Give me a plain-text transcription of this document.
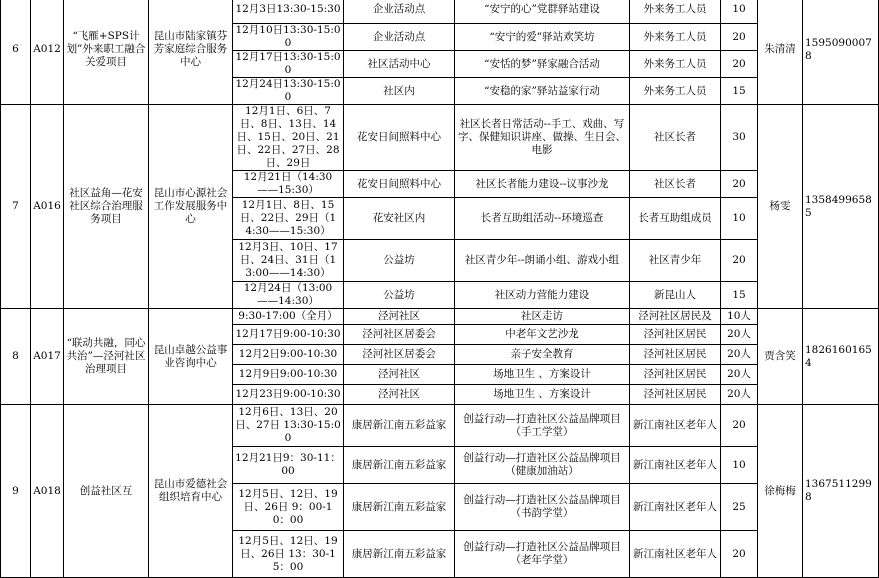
6	A012	“飞雁+SPS计划”外来职工融合关爱项目	昆山市陆家镇芬芳家庭综合服务中心	12月3日13:30-15:30	企业活动点	“安宁的心”党群驿站建设	外来务工人员	10	朱清清	15950900078
				12月10日13:30-15:00	企业活动点	“安宁的爱”驿站欢笑坊	外来务工人员	20		
				12月17日13:30-15:00	社区活动中心	“安恬的梦”驿家融合活动	外来务工人员	20		
				12月24日13:30-15:00	社区内	“安稳的家”驿站益家行动	外来务工人员	15		
7	A016	社区益角—花安社区综合治理服务项目	昆山市心源社会工作发展服务中心	12月1日、6日、7日、8日、13日、14日、15日、20日、21日、22日、27日、28日、29日	花安日间照料中心	社区长者日常活动--手工、戏曲、写字、保健知识讲座、做操、生日会、电影	社区长者	30	杨雯	13584996585
				12月21日（14:30——15:30）	花安日间照料中心	社区长者能力建设--议事沙龙	社区长者	20		
				12月1日、8日、15日、22日、29日（14:30——15:30）	花安社区内	长者互助组活动--环境巡查	长者互助组成员	10		
				12月3日、10日、17日、24日、31日（13:00——14:30）	公益坊	社区青少年--朗诵小组、游戏小组	社区青少年	20		
				12月24日（13:00——14:30）	公益坊	社区动力营能力建设	新昆山人	15		
8	A017	“联动共融，同心共治”—泾河社区治理项目	昆山卓越公益事业咨询中心	9:30-17:00（全月）	泾河社区	社区走访	泾河社区居民及	10人	贾含笑	18261601654
				12月17日9:00-10:30	泾河社区居委会	中老年文艺沙龙	泾河社区居民	20人		
				12月2日9:00-10:30	泾河社区居委会	亲子安全教育	泾河社区居民	20人		
				12月9日9:00-10:30	泾河社区	场地卫生 、方案设计	泾河社区居民	20人		
				12月23日9:00-10:30	泾河社区	场地卫生 、方案设计	泾河社区居民	20人		
9	A018	创益社区互	昆山市爱德社会组织培育中心	12月6日、13日、20日、27日 13:30-15:00	康居新江南五彩益家	创益行动—打造社区公益品牌项目（手工学堂）	新江南社区老年人	20	徐梅梅	13675112998
				12月21日9：30-11：00	康居新江南五彩益家	创益行动—打造社区公益品牌项目（健康加油站）	新江南社区老年人	10		
				12月5日、12日、19日、26日 9：00-10：00	康居新江南五彩益家	创益行动—打造社区公益品牌项目（书韵学堂）	新江南社区老年人	25		
				12月5日、12日、19日、26日 13：30-15：00	康居新江南五彩益家	创益行动—打造社区公益品牌项目（老年学堂）	新江南社区老年人	20		
